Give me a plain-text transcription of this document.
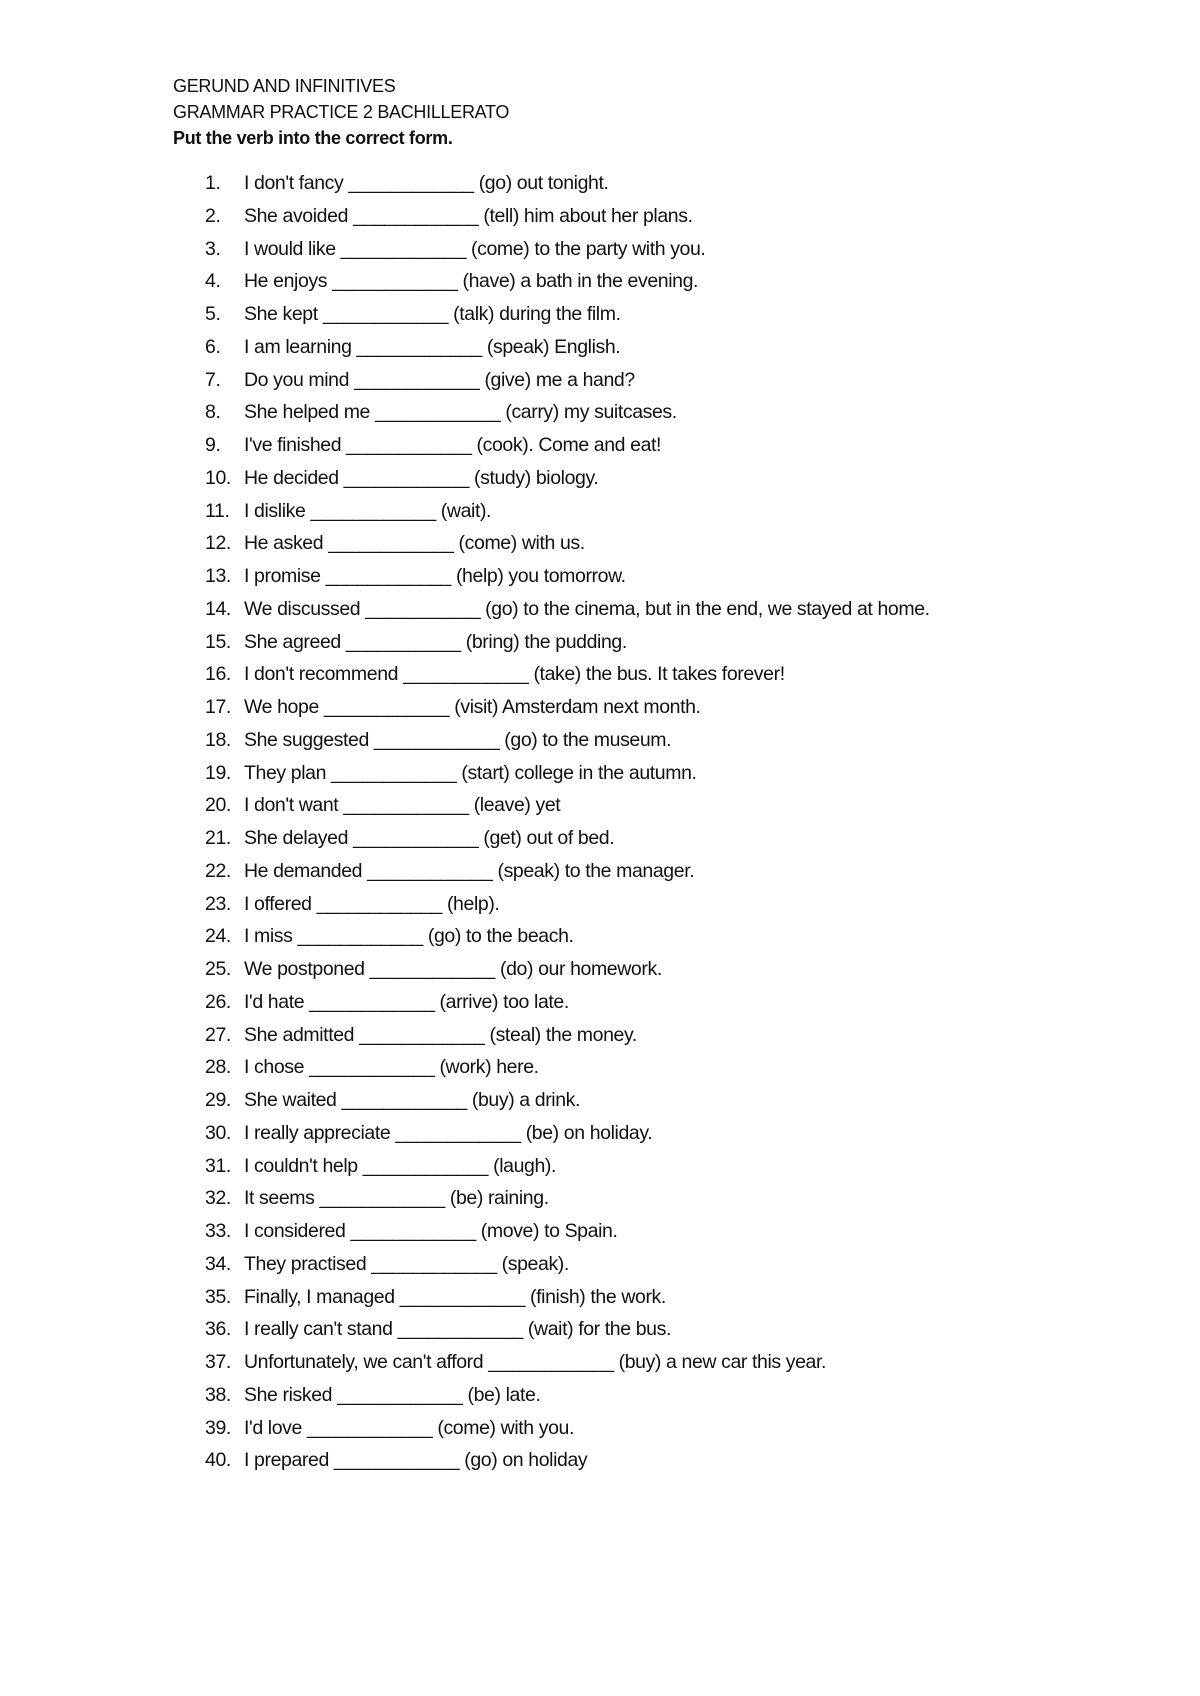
GERUND AND INFINITIVES
GRAMMAR PRACTICE 2 BACHILLERATO
Put the verb into the correct form.
1.	I don't fancy ____________ (go) out tonight.
2.	She avoided ____________ (tell) him about her plans.
3.	I would like ____________ (come) to the party with you.
4.	He enjoys ____________ (have) a bath in the evening.
5.	She kept ____________ (talk) during the film.
6.	I am learning ____________ (speak) English.
7.	Do you mind ____________ (give) me a hand?
8.	She helped me ____________ (carry) my suitcases.
9.	I've finished ____________ (cook). Come and eat!
10. He decided ____________ (study) biology.
11. I dislike ____________ (wait).
12. He asked ____________ (come) with us.
13. I promise ____________ (help) you tomorrow.
14. We discussed ___________ (go) to the cinema, but in the end, we stayed at home.
15. She agreed ___________ (bring) the pudding.
16. I don't recommend ____________ (take) the bus. It takes forever!
17. We hope ____________ (visit) Amsterdam next month.
18. She suggested ____________ (go) to the museum.
19. They plan ____________ (start) college in the autumn.
20. I don't want ____________ (leave) yet
21. She delayed ____________ (get) out of bed.
22. He demanded ____________ (speak) to the manager.
23. I offered ____________ (help).
24. I miss ____________ (go) to the beach.
25. We postponed ____________ (do) our homework.
26. I'd hate ____________ (arrive) too late.
27. She admitted ____________ (steal) the money.
28. I chose ____________ (work) here.
29. She waited ____________ (buy) a drink.
30. I really appreciate ____________ (be) on holiday.
31. I couldn't help ____________ (laugh).
32. It seems ____________ (be) raining.
33. I considered ____________ (move) to Spain.
34. They practised ____________ (speak).
35. Finally, I managed ____________ (finish) the work.
36. I really can't stand ____________ (wait) for the bus.
37. Unfortunately, we can't afford ____________ (buy) a new car this year.
38. She risked ____________ (be) late.
39. I'd love ____________ (come) with you.
40. I prepared ____________ (go) on holiday
